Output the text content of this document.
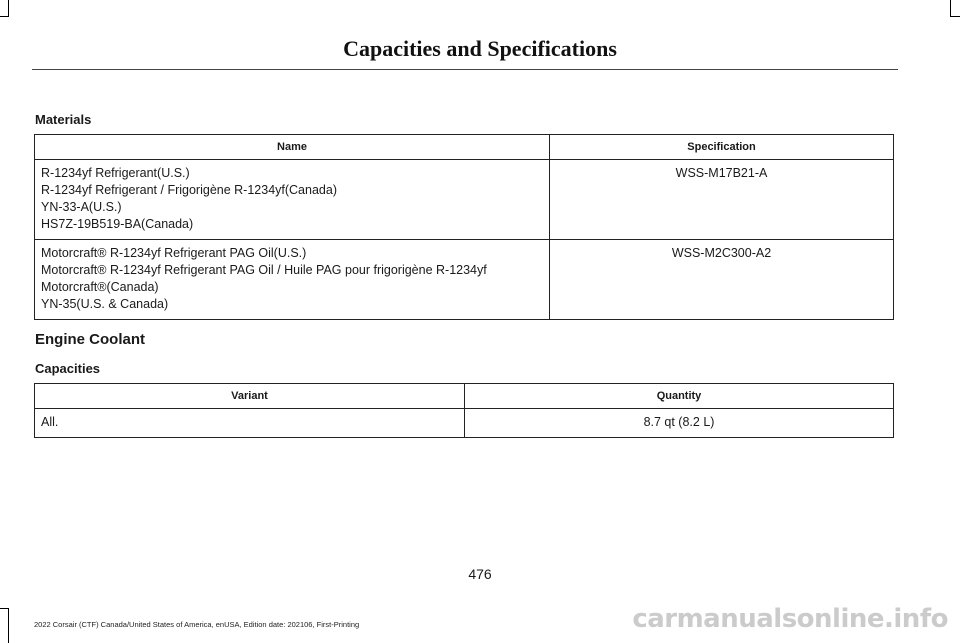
Capacities and Specifications
Materials
Name	Specification

R-1234yf Refrigerant(U.S.)
R-1234yf Refrigerant / Frigorigène R-1234yf(Canada)
YN-33-A(U.S.)
HS7Z-19B519-BA(Canada)	WSS-M17B21-A

Motorcraft® R-1234yf Refrigerant PAG Oil(U.S.)
Motorcraft® R-1234yf Refrigerant PAG Oil / Huile PAG pour frigorigène R-1234yf
Motorcraft®(Canada)
YN-35(U.S. & Canada)	WSS-M2C300-A2
Engine Coolant
Capacities
Variant	Quantity
All.	8.7 qt (8.2 L)
476
2022 Corsair (CTF) Canada/United States of America, enUSA, Edition date: 202106, First-Printing	carmanualsonline.info
